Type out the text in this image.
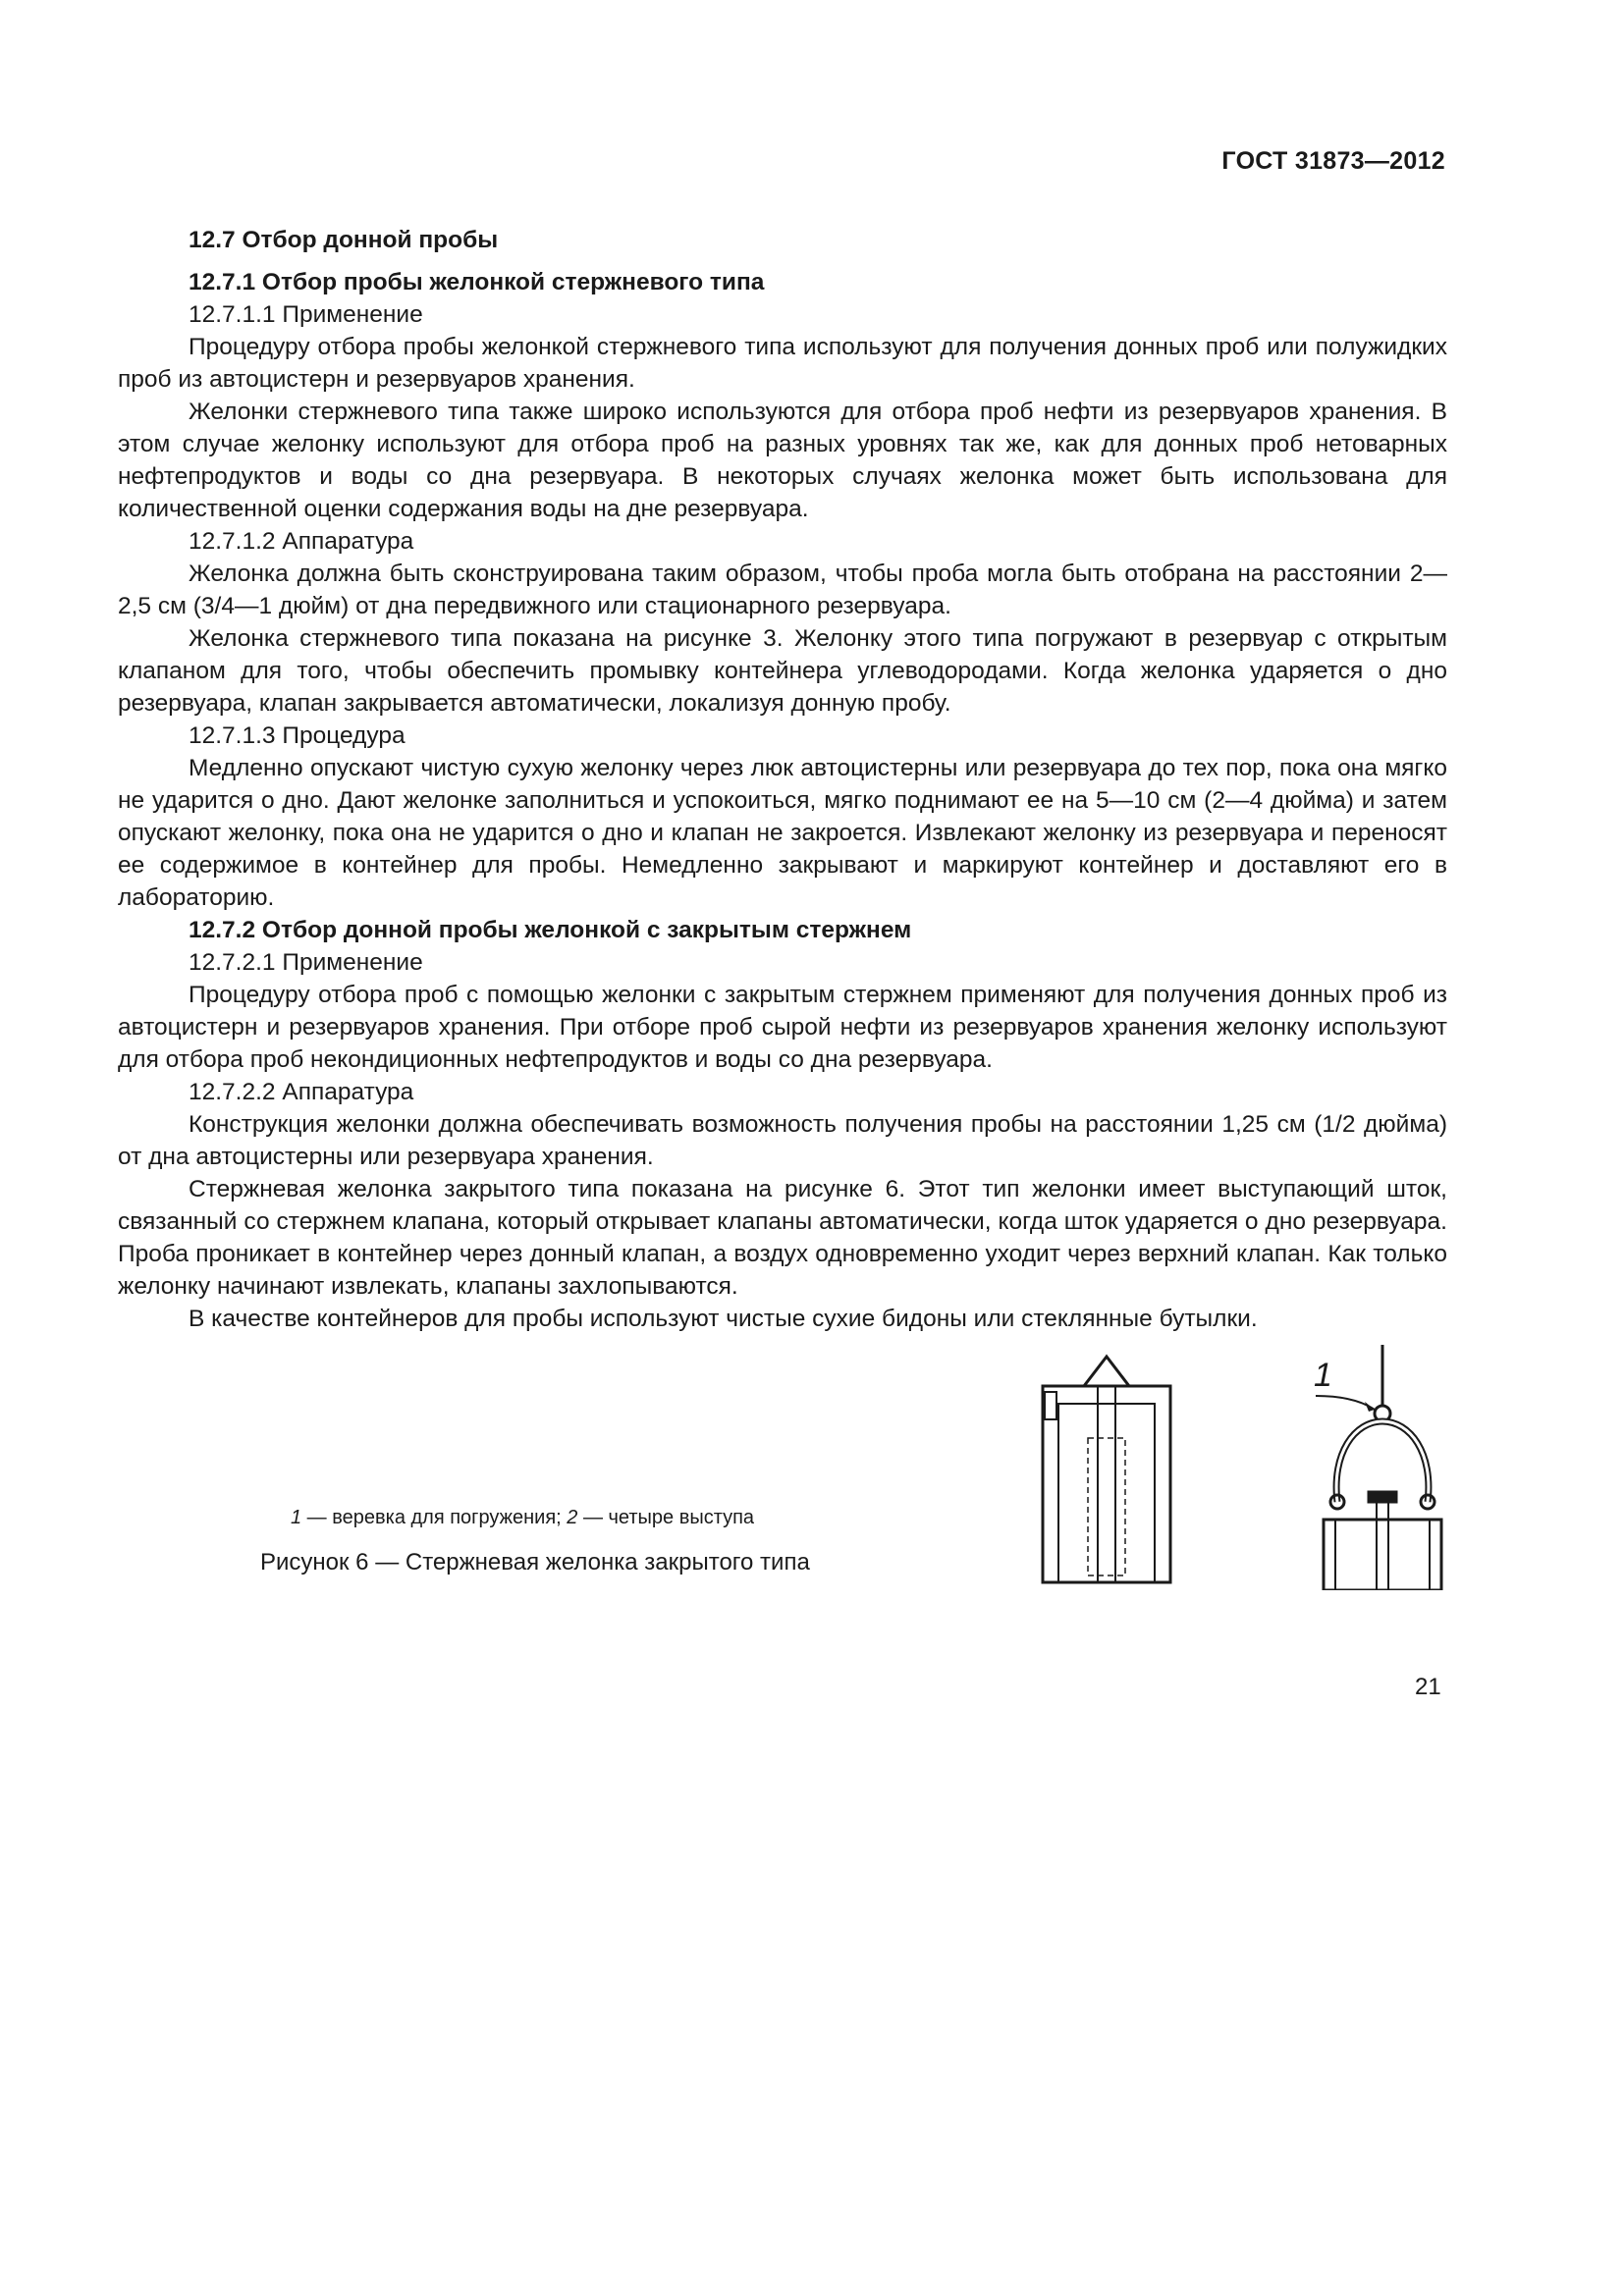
ГОСТ 31873—2012

12.7 Отбор донной пробы

12.7.1 Отбор пробы желонкой стержневого типа

12.7.1.1 Применение

Процедуру отбора пробы желонкой стержневого типа используют для получения донных проб или полужидких проб из автоцистерн и резервуаров хранения.

Желонки стержневого типа также широко используются для отбора проб нефти из резервуаров хранения. В этом случае желонку используют для отбора проб на разных уровнях так же, как для донных проб нетоварных нефтепродуктов и воды со дна резервуара. В некоторых случаях желонка может быть использована для количественной оценки содержания воды на дне резервуара.

12.7.1.2 Аппаратура

Желонка должна быть сконструирована таким образом, чтобы проба могла быть отобрана на расстоянии 2—2,5 см (3/4—1 дюйм) от дна передвижного или стационарного резервуара.

Желонка стержневого типа показана на рисунке 3. Желонку этого типа погружают в резервуар с открытым клапаном для того, чтобы обеспечить промывку контейнера углеводородами. Когда желонка ударяется о дно резервуара, клапан закрывается автоматически, локализуя донную пробу.

12.7.1.3 Процедура

Медленно опускают чистую сухую желонку через люк автоцистерны или резервуара до тех пор, пока она мягко не ударится о дно. Дают желонке заполниться и успокоиться, мягко поднимают ее на 5—10 см (2—4 дюйма) и затем опускают желонку, пока она не ударится о дно и клапан не закроется. Извлекают желонку из резервуара и переносят ее содержимое в контейнер для пробы. Немедленно закрывают и маркируют контейнер и доставляют его в лабораторию.

12.7.2 Отбор донной пробы желонкой с закрытым стержнем

12.7.2.1 Применение

Процедуру отбора проб с помощью желонки с закрытым стержнем применяют для получения донных проб из автоцистерн и резервуаров хранения. При отборе проб сырой нефти из резервуаров хранения желонку используют для отбора проб некондиционных нефтепродуктов и воды со дна резервуара.

12.7.2.2 Аппаратура

Конструкция желонки должна обеспечивать возможность получения пробы на расстоянии 1,25 см (1/2 дюйма) от дна автоцистерны или резервуара хранения.

Стержневая желонка закрытого типа показана на рисунке 6. Этот тип желонки имеет выступающий шток, связанный со стержнем клапана, который открывает клапаны автоматически, когда шток ударяется о дно резервуара. Проба проникает в контейнер через донный клапан, а воздух одновременно уходит через верхний клапан. Как только желонку начинают извлекать, клапаны захлопываются.

В качестве контейнеров для пробы используют чистые сухие бидоны или стеклянные бутылки.

1
1 — веревка для погружения; 2 — четыре выступа
Рисунок 6 — Стержневая желонка закрытого типа
21
